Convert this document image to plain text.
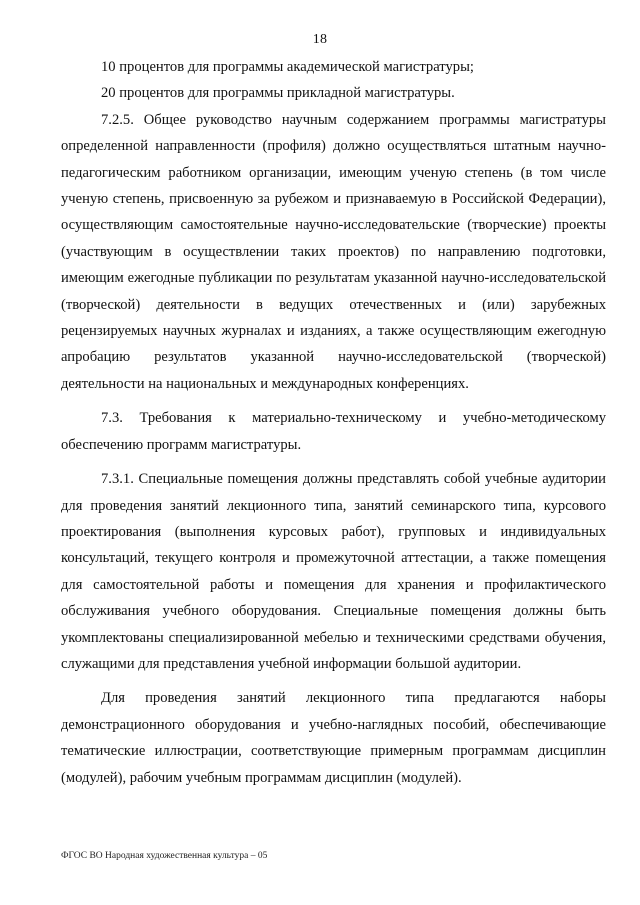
18

10 процентов для программы академической магистратуры;

20 процентов для программы прикладной магистратуры.

7.2.5. Общее руководство научным содержанием программы магистратуры определенной направленности (профиля) должно осуществляться штатным научно-педагогическим работником организации, имеющим ученую степень (в том числе ученую степень, присвоенную за рубежом и признаваемую в Российской Федерации), осуществляющим самостоятельные научно-исследовательские (творческие) проекты (участвующим в осуществлении таких проектов) по направлению подготовки, имеющим ежегодные публикации по результатам указанной научно-исследовательской (творческой) деятельности в ведущих отечественных и (или) зарубежных рецензируемых научных журналах и изданиях, а также осуществляющим ежегодную апробацию результатов указанной научно-исследовательской (творческой) деятельности на национальных и международных конференциях.

7.3. Требования к материально-техническому и учебно-методическому обеспечению программ магистратуры.

7.3.1. Специальные помещения должны представлять собой учебные аудитории для проведения занятий лекционного типа, занятий семинарского типа, курсового проектирования (выполнения курсовых работ), групповых и индивидуальных консультаций, текущего контроля и промежуточной аттестации, а также помещения для самостоятельной работы и помещения для хранения и профилактического обслуживания учебного оборудования. Специальные помещения должны быть укомплектованы специализированной мебелью и техническими средствами обучения, служащими для представления учебной информации большой аудитории.

Для проведения занятий лекционного типа предлагаются наборы демонстрационного оборудования и учебно-наглядных пособий, обеспечивающие тематические иллюстрации, соответствующие примерным программам дисциплин (модулей), рабочим учебным программам дисциплин (модулей).

ФГОС ВО Народная художественная культура – 05
